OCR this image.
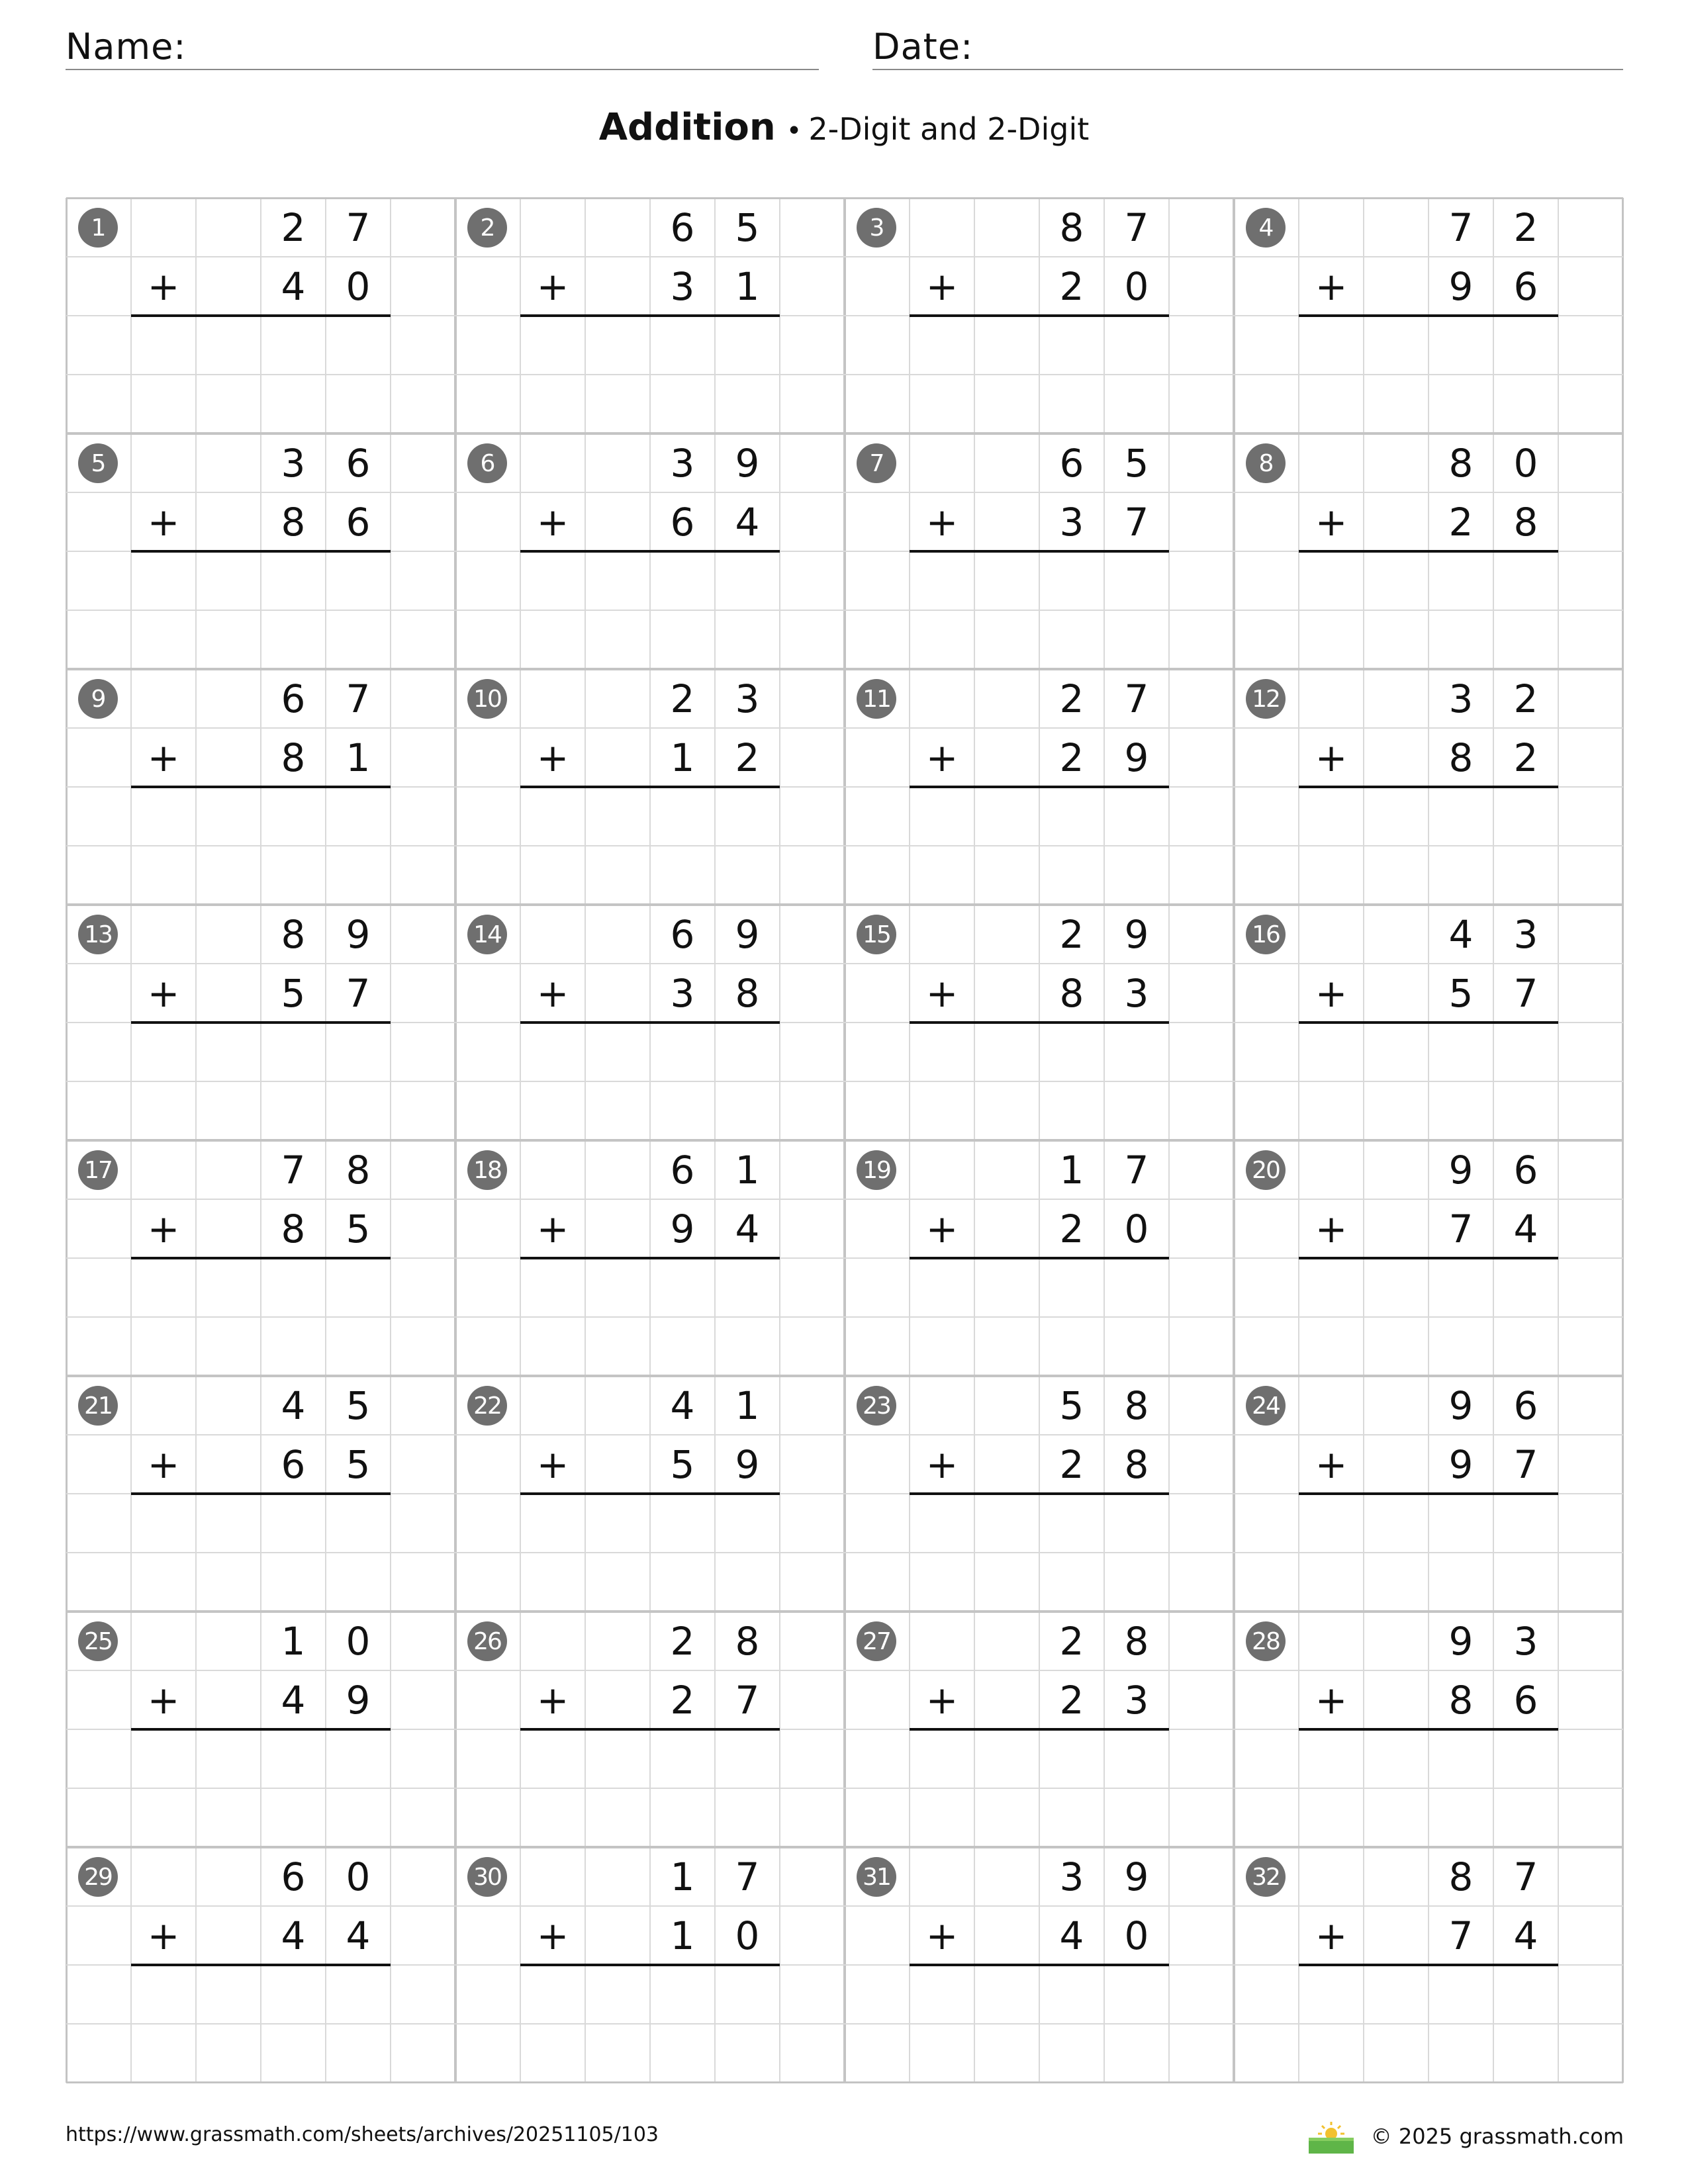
Name:	Date:
Addition • 2-Digit and 2-Digit
1	2	7
+	4	0
2	6	5
+	3	1
3	8	7
+	2	0
4	7	2
+	9	6
5	3	6
+	8	6
6	3	9
+	6	4
7	6	5
+	3	7
8	8	0
+	2	8
9	6	7
+	8	1
10	2	3
+	1	2
11	2	7
+	2	9
12	3	2
+	8	2
13	8	9
+	5	7
14	6	9
+	3	8
15	2	9
+	8	3
16	4	3
+	5	7
17	7	8
+	8	5
18	6	1
+	9	4
19	1	7
+	2	0
20	9	6
+	7	4
21	4	5
+	6	5
22	4	1
+	5	9
23	5	8
+	2	8
24	9	6
+	9	7
25	1	0
+	4	9
26	2	8
+	2	7
27	2	8
+	2	3
28	9	3
+	8	6
29	6	0
+	4	4
30	1	7
+	1	0
31	3	9
+	4	0
32	8	7
+	7	4
https://www.grassmath.com/sheets/archives/20251105/103	© 2025 grassmath.com
